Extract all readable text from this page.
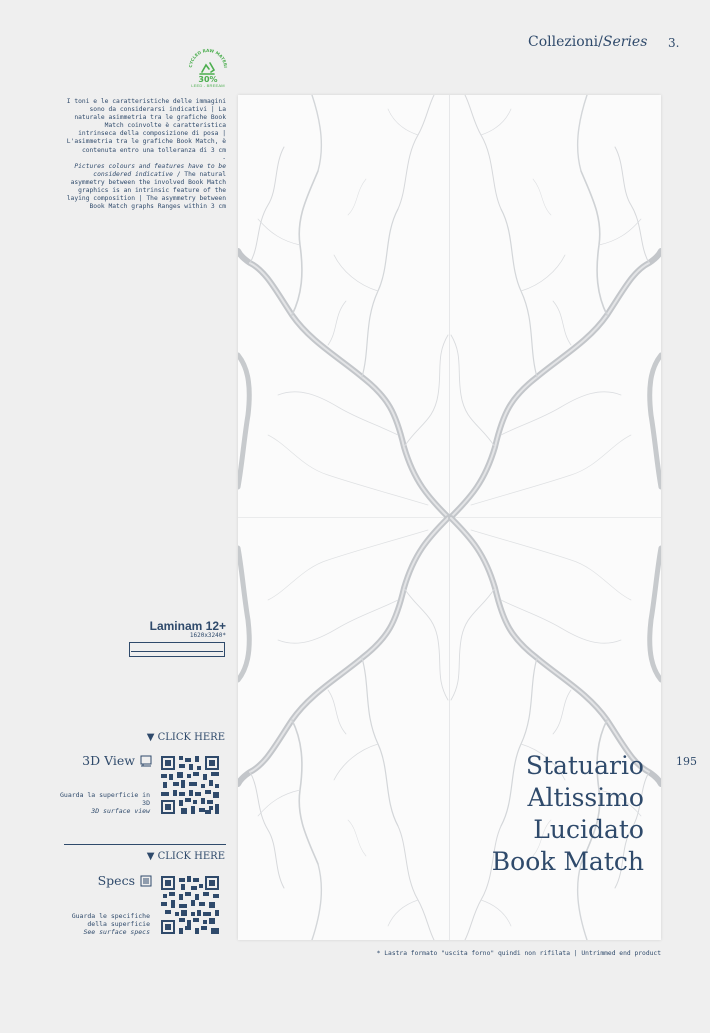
Collezioni/Series 3.
CYCLED RAW MATERI
30%
LEED - BREEAM
I toni e le caratteristiche delle immagini sono da considerarsi indicativi | La naturale asimmetria tra le grafiche Book Match coinvolte è caratteristica intrinseca della composizione di posa | L'asimmetria tra le grafiche Book Match, è contenuta entro una tolleranza di 3 cm
-
Pictures colours and features have to be considered indicative / The natural asymmetry between the involved Book Match graphics is an intrinsic feature of the laying composition | The asymmetry between Book Match graphs Ranges within 3 cm
Statuario
Altissimo
Lucidato
Book Match
195
Laminam 12+
1620x3240*
▼ CLICK HERE
3D View
Guarda la superficie in 3D
3D surface view
▼ CLICK HERE
Specs
Guarda le specifiche della superficie
See surface specs
* Lastra formato "uscita forno" quindi non rifilata | Untrimmed end product
